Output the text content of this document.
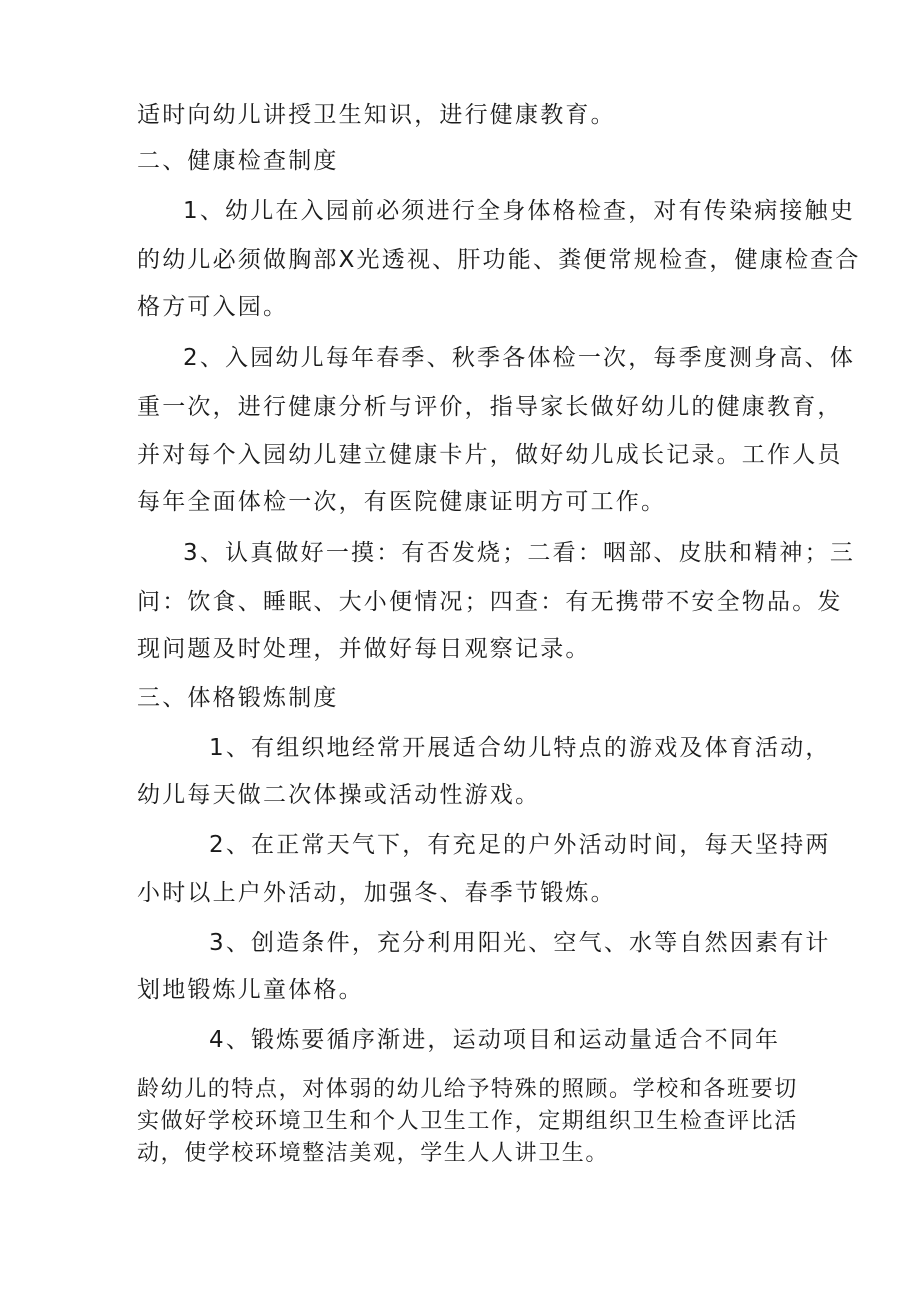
适时向幼儿讲授卫生知识，进行健康教育。
二、健康检查制度
1、幼儿在入园前必须进行全身体格检查，对有传染病接触史
的幼儿必须做胸部X光透视、肝功能、粪便常规检查，健康检查合
格方可入园。
2、入园幼儿每年春季、秋季各体检一次，每季度测身高、体
重一次，进行健康分析与评价，指导家长做好幼儿的健康教育，
并对每个入园幼儿建立健康卡片，做好幼儿成长记录。工作人员
每年全面体检一次，有医院健康证明方可工作。
3、认真做好一摸：有否发烧；二看：咽部、皮肤和精神；三
问：饮食、睡眠、大小便情况；四查：有无携带不安全物品。发
现问题及时处理，并做好每日观察记录。
三、体格锻炼制度
1、有组织地经常开展适合幼儿特点的游戏及体育活动，
幼儿每天做二次体操或活动性游戏。
2、在正常天气下，有充足的户外活动时间，每天坚持两
小时以上户外活动，加强冬、春季节锻炼。
3、创造条件，充分利用阳光、空气、水等自然因素有计
划地锻炼儿童体格。
4、锻炼要循序渐进，运动项目和运动量适合不同年
龄幼儿的特点，对体弱的幼儿给予特殊的照顾。学校和各班要切
实做好学校环境卫生和个人卫生工作，定期组织卫生检查评比活
动，使学校环境整洁美观，学生人人讲卫生。
